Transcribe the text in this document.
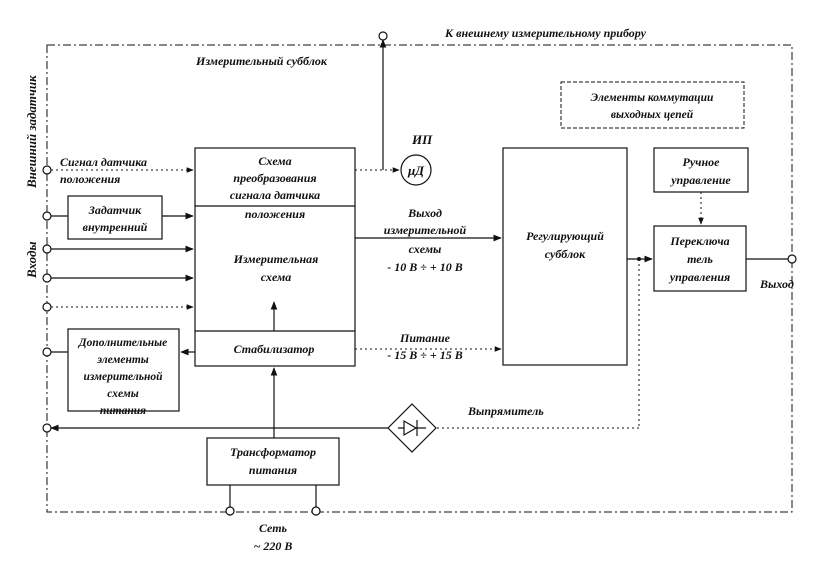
К внешнему измерительному прибору
Измерительный субблок
Внешний задатчик
Входы
Элементы коммутации
выходных цепей
Схема
преобразования
сигнала датчика
положения
Измерительная
схема
Стабилизатор
Задатчик
внутренний
Дополнительные
элементы
измерительной
схемы
питания
Регулирующий
субблок
Ручное
управление
Переключа
тель
управления
Трансформатор
питания
Выпрямитель
Сигнал датчика
положения
μД
ИП
Выход
измерительной
схемы
- 10 В ÷ + 10 В
Питание
- 15 В ÷ + 15 В
Сеть
~ 220 В
Выход
